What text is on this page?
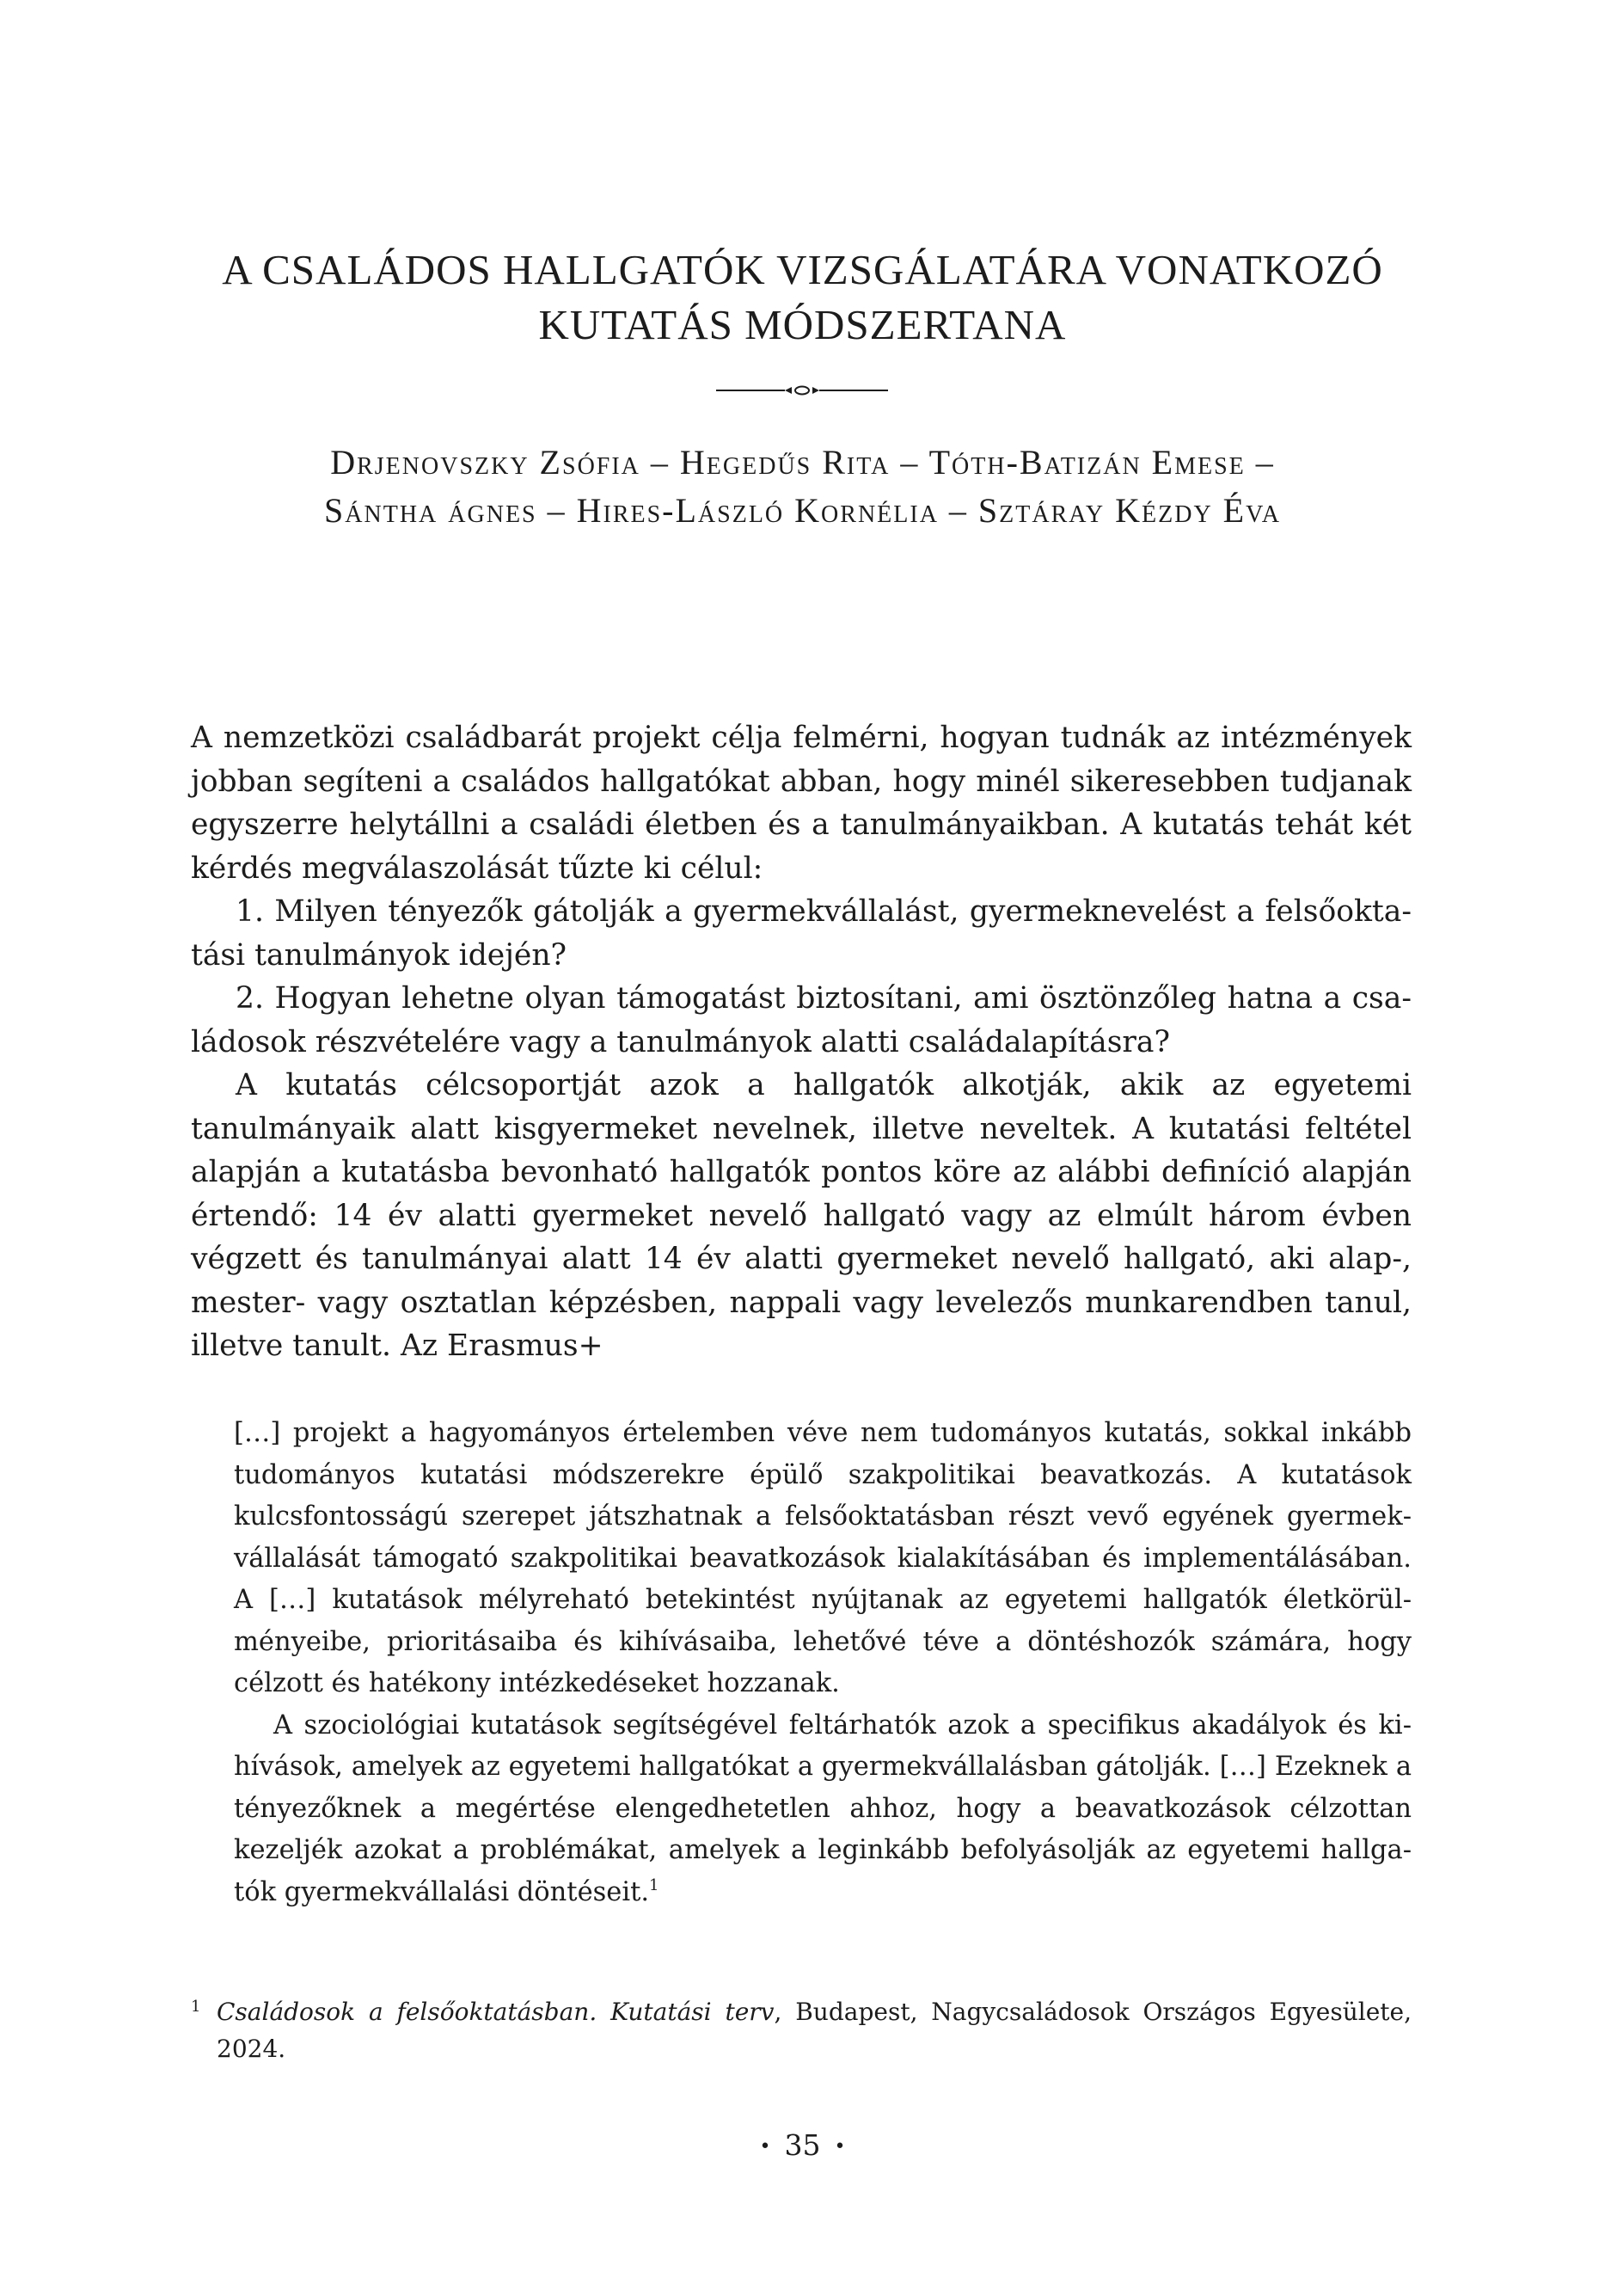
A CSALÁDOS HALLGATÓK VIZSGÁLATÁRA VONATKOZÓ
KUTATÁS MÓDSZERTANA
Drjenovszky Zsófia – Hegedűs Rita – Tóth-Batizán Emese –
Sántha ágnes – Hires-László Kornélia – Sztáray Kézdy Éva

A nemzetközi családbarát projekt célja felmérni, hogyan tudnák az intézmények jobban segíteni a családos hallgatókat abban, hogy minél sikeresebben tudjanak egyszerre helytállni a családi életben és a tanulmányaikban. A kutatás tehát két kérdés megválaszolását tűzte ki célul:

1. Milyen tényezők gátolják a gyermekvállalást, gyermeknevelést a felsőoktatási tanulmányok idején?

2. Hogyan lehetne olyan támogatást biztosítani, ami ösztönzőleg hatna a családosok részvételére vagy a tanulmányok alatti családalapításra?

A kutatás célcsoportját azok a hallgatók alkotják, akik az egyetemi tanulmányaik alatt kisgyermeket nevelnek, illetve neveltek. A kutatási feltétel alapján a kutatásba bevonható hallgatók pontos köre az alábbi definíció alapján értendő: 14 év alatti gyermeket nevelő hallgató vagy az elmúlt három évben végzett és tanulmányai alatt 14 év alatti gyermeket nevelő hallgató, aki alap-, mester- vagy osztatlan képzésben, nappali vagy levelezős munkarendben tanul, illetve tanult. Az Erasmus+

[…] projekt a hagyományos értelemben véve nem tudományos kutatás, sokkal inkább tudományos kutatási módszerekre épülő szakpolitikai beavatkozás. A kutatások kulcsfontosságú szerepet játszhatnak a felsőoktatásban részt vevő egyének gyermekvállalását támogató szakpolitikai beavatkozások kialakításában és implementálásában. A […] kutatások mélyreható betekintést nyújtanak az egyetemi hallgatók életkörülményeibe, prioritásaiba és kihívásaiba, lehetővé téve a döntéshozók számára, hogy célzott és hatékony intézkedéseket hozzanak.

A szociológiai kutatások segítségével feltárhatók azok a specifikus akadályok és kihívások, amelyek az egyetemi hallgatókat a gyermekvállalásban gátolják. […] Ezeknek a tényezőknek a megértése elengedhetetlen ahhoz, hogy a beavatkozások célzottan kezeljék azokat a problémákat, amelyek a leginkább befolyásolják az egyetemi hallgatók gyermekvállalási döntéseit.$^1$

1 Családosok a felsőoktatásban. Kutatási terv, Budapest, Nagycsaládosok Országos Egyesülete, 2024.
• 35 •
